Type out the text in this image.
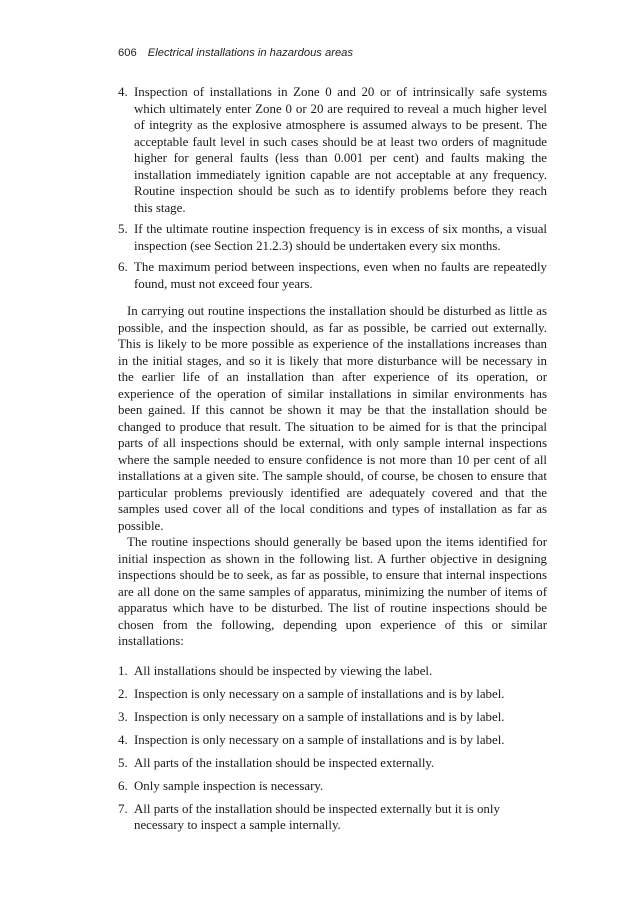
606 Electrical installations in hazardous areas
4. Inspection of installations in Zone 0 and 20 or of intrinsically safe systems which ultimately enter Zone 0 or 20 are required to reveal a much higher level of integrity as the explosive atmosphere is assumed always to be present. The acceptable fault level in such cases should be at least two orders of magnitude higher for general faults (less than 0.001 per cent) and faults making the installation immediately ignition capable are not acceptable at any frequency. Routine inspection should be such as to identify problems before they reach this stage.
5. If the ultimate routine inspection frequency is in excess of six months, a visual inspection (see Section 21.2.3) should be undertaken every six months.
6. The maximum period between inspections, even when no faults are repeatedly found, must not exceed four years.

In carrying out routine inspections the installation should be disturbed as little as possible, and the inspection should, as far as possible, be carried out externally. This is likely to be more possible as experience of the installations increases than in the initial stages, and so it is likely that more disturbance will be necessary in the earlier life of an installation than after experience of its operation, or experience of the operation of similar installations in similar environments has been gained. If this cannot be shown it may be that the installation should be changed to produce that result. The situation to be aimed for is that the principal parts of all inspections should be external, with only sample internal inspections where the sample needed to ensure confidence is not more than 10 per cent of all installations at a given site. The sample should, of course, be chosen to ensure that particular problems previously identified are adequately covered and that the samples used cover all of the local conditions and types of installation as far as possible.

The routine inspections should generally be based upon the items identified for initial inspection as shown in the following list. A further objective in designing inspections should be to seek, as far as possible, to ensure that internal inspections are all done on the same samples of apparatus, minimizing the number of items of apparatus which have to be disturbed. The list of routine inspections should be chosen from the following, depending upon experience of this or similar installations:

1. All installations should be inspected by viewing the label.
2. Inspection is only necessary on a sample of installations and is by label.
3. Inspection is only necessary on a sample of installations and is by label.
4. Inspection is only necessary on a sample of installations and is by label.
5. All parts of the installation should be inspected externally.
6. Only sample inspection is necessary.
7. All parts of the installation should be inspected externally but it is only necessary to inspect a sample internally.
